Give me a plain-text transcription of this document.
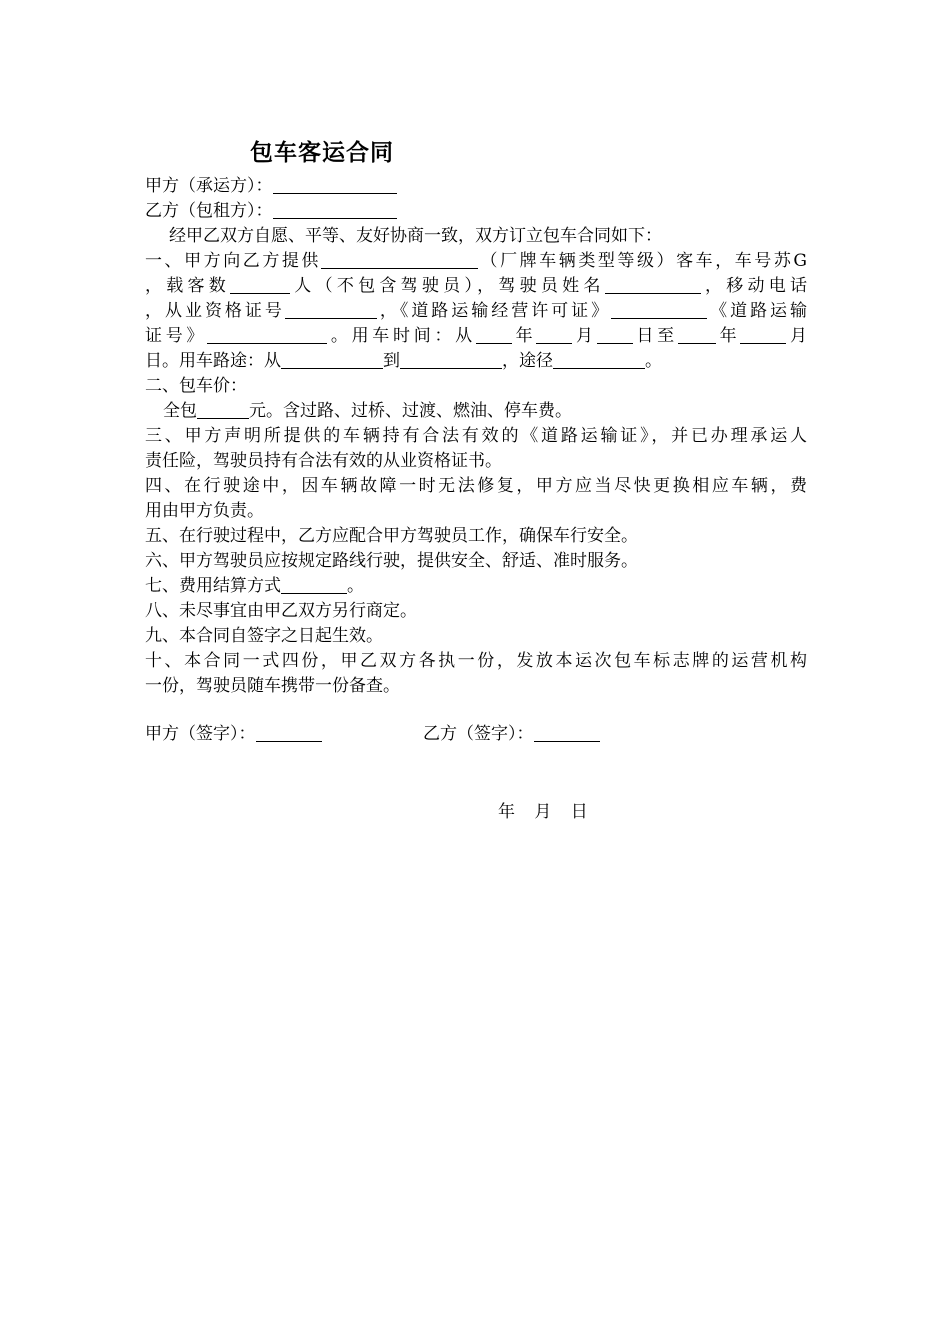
包车客运合同
甲方（承运方）：
乙方（包租方）：
经甲乙双方自愿、平等、友好协商一致，双方订立包车合同如下：
一、甲方向乙方提供	（厂牌车辆类型等级）客车，车号苏G
，载客数	人（不包含驾驶员），驾驶员姓名	，移动电话
，从业资格证号	，《道路运输经营许可证》	《道路运输
证号》	。用车时间：从 年 月 日至 年	月
日。用车路途：从	到	，途径	。
二、包车价：
全包	元。含过路、过桥、过渡、燃油、停车费。
三、甲方声明所提供的车辆持有合法有效的《道路运输证》，并已办理承运人
责任险，驾驶员持有合法有效的从业资格证书。
四、在行驶途中，因车辆故障一时无法修复，甲方应当尽快更换相应车辆，费
用由甲方负责。
五、在行驶过程中，乙方应配合甲方驾驶员工作，确保车行安全。
六、甲方驾驶员应按规定路线行驶，提供安全、舒适、准时服务。
七、费用结算方式	。
八、未尽事宜由甲乙双方另行商定。
九、本合同自签字之日起生效。
十、本合同一式四份，甲乙双方各执一份，发放本运次包车标志牌的运营机构
一份，驾驶员随车携带一份备查。
甲方（签字）：	乙方（签字）：
年 月 日
